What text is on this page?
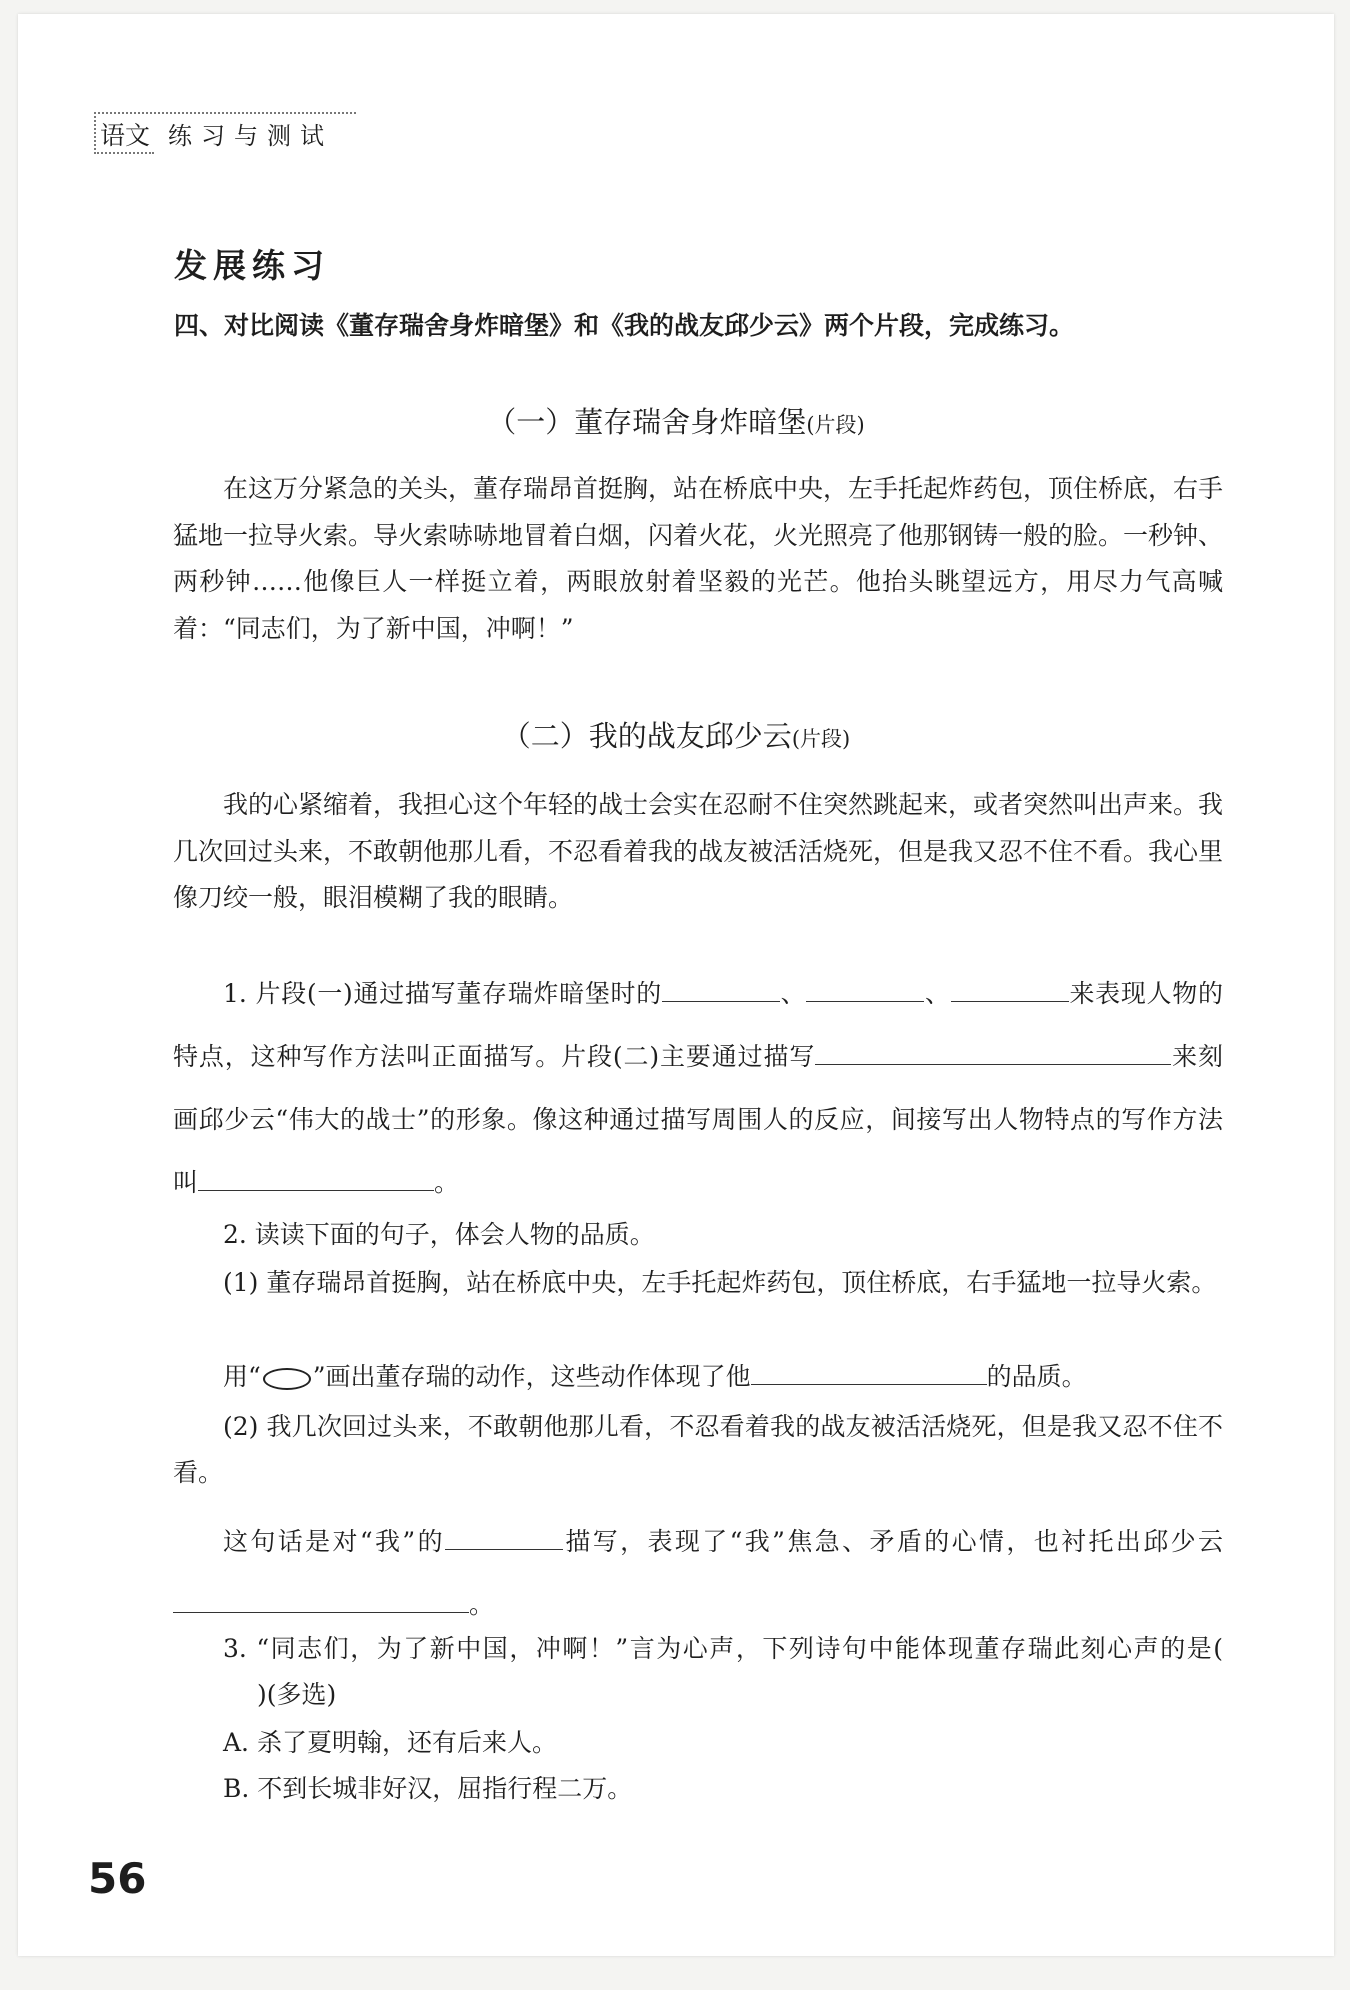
语文 练习与测试
发展练习
四、对比阅读《董存瑞舍身炸暗堡》和《我的战友邱少云》两个片段，完成练习。
（一）董存瑞舍身炸暗堡(片段)
在这万分紧急的关头，董存瑞昂首挺胸，站在桥底中央，左手托起炸药包，顶住桥底，右手猛地一拉导火索。导火索哧哧地冒着白烟，闪着火花，火光照亮了他那钢铸一般的脸。一秒钟、两秒钟……他像巨人一样挺立着，两眼放射着坚毅的光芒。他抬头眺望远方，用尽力气高喊着：“同志们，为了新中国，冲啊！”
（二）我的战友邱少云(片段)
我的心紧缩着，我担心这个年轻的战士会实在忍耐不住突然跳起来，或者突然叫出声来。我几次回过头来，不敢朝他那儿看，不忍看着我的战友被活活烧死，但是我又忍不住不看。我心里像刀绞一般，眼泪模糊了我的眼睛。
1. 片段(一)通过描写董存瑞炸暗堡时的	、	、	来表现人物的特点，这种写作方法叫正面描写。片段(二)主要通过描写	来刻画邱少云“伟大的战士”的形象。像这种通过描写周围人的反应，间接写出人物特点的写作方法叫	。
2. 读读下面的句子，体会人物的品质。
(1) 董存瑞昂首挺胸，站在桥底中央，左手托起炸药包，顶住桥底，右手猛地一拉导火索。
用“ ”画出董存瑞的动作，这些动作体现了他	的品质。
(2) 我几次回过头来，不敢朝他那儿看，不忍看着我的战友被活活烧死，但是我又忍不住不看。
这句话是对“我”的	描写，表现了“我”焦急、矛盾的心情，也衬托出邱少云。
3. “同志们，为了新中国，冲啊！”言为心声，下列诗句中能体现董存瑞此刻心声的是()(多选)
A. 杀了夏明翰，还有后来人。
B. 不到长城非好汉，屈指行程二万。
56
